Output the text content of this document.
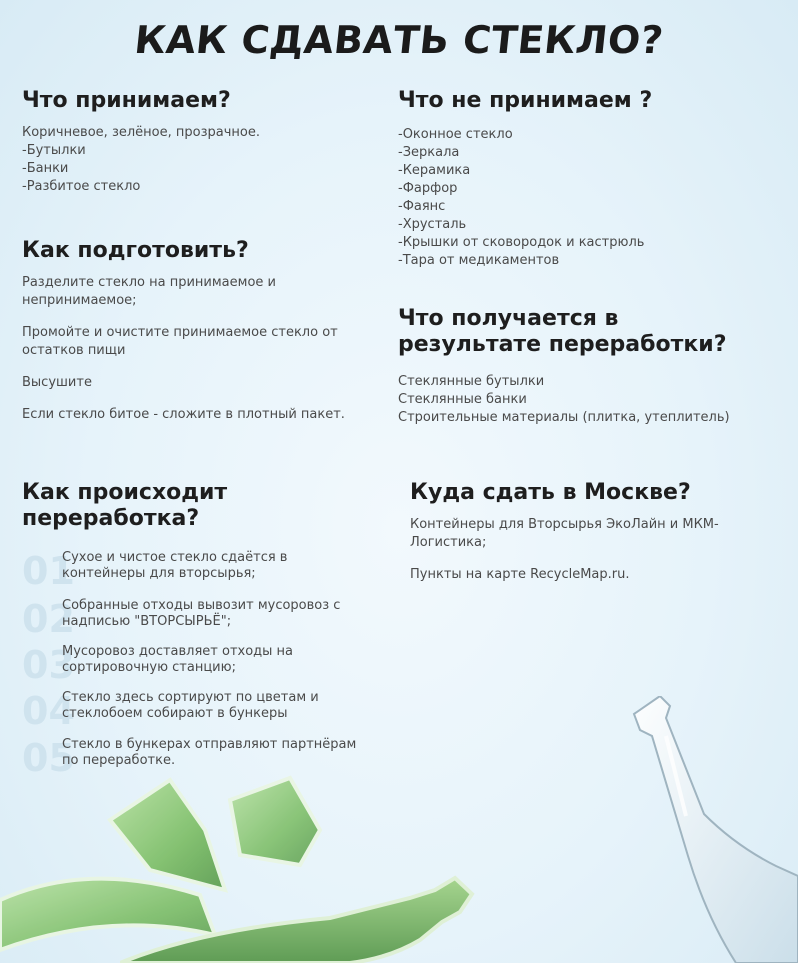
КАК СДАВАТЬ СТЕКЛО?
Что принимаем?
Коричневое, зелёное, прозрачное.
-Бутылки
-Банки
-Разбитое стекло
Что не принимаем ?
-Оконное стекло
-Зеркала
-Керамика
-Фарфор
-Фаянс
-Хрусталь
-Крышки от сковородок и кастрюль
-Тара от медикаментов
Как подготовить?

Разделите стекло на принимаемое и непринимаемое;

Промойте и очистите принимаемое стекло от остатков пищи

Высушите

Если стекло битое - сложите в плотный пакет.

Что получается в результате переработки?
Стеклянные бутылки
Стеклянные банки
Строительные материалы (плитка, утеплитель)
Как происходит переработка?
01
Сухое и чистое стекло сдаётся в контейнеры для вторсырья;
02
Собранные отходы вывозит мусоровоз с надписью "ВТОРСЫРЬЁ";
03
Мусоровоз доставляет отходы на сортировочную станцию;
04
Стекло здесь сортируют по цветам и стеклобоем собирают в бункеры
05
Стекло в бункерах отправляют партнёрам по переработке.
Куда сдать в Москве?

Контейнеры для Вторсырья ЭкоЛайн и МКМ-Логистика;

Пункты на карте RecycleMap.ru.
